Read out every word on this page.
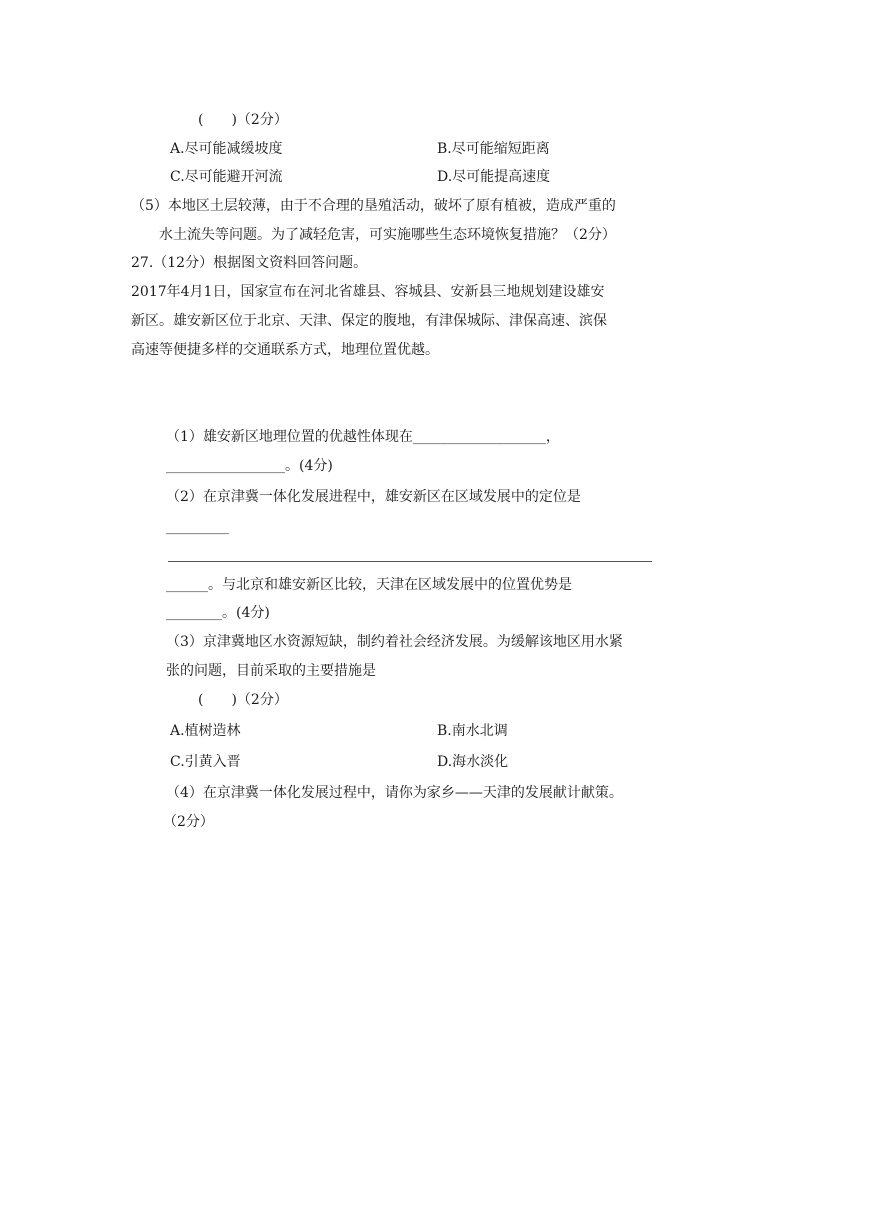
(　　)（2分）
A.尽可能减缓坡度	B.尽可能缩短距离
C.尽可能避开河流	D.尽可能提高速度
（5）本地区土层较薄，由于不合理的垦殖活动，破坏了原有植被，造成严重的
水土流失等问题。为了减轻危害，可实施哪些生态环境恢复措施？（2分）
27.（12分）根据图文资料回答问题。
2017年4月1日，国家宣布在河北省雄县、容城县、安新县三地规划建设雄安
新区。雄安新区位于北京、天津、保定的腹地，有津保城际、津保高速、滨保
高速等便捷多样的交通联系方式，地理位置优越。
（1）雄安新区地理位置的优越性体现在___________________，
_________________。(4分)
（2）在京津冀一体化发展进程中，雄安新区在区域发展中的定位是
_________
______。与北京和雄安新区比较，天津在区域发展中的位置优势是
________。(4分)
（3）京津冀地区水资源短缺，制约着社会经济发展。为缓解该地区用水紧
张的问题，目前采取的主要措施是
(　　)（2分）
A.植树造林	B.南水北调
C.引黄入晋	D.海水淡化
（4）在京津冀一体化发展过程中，请你为家乡——天津的发展献计献策。
（2分）
